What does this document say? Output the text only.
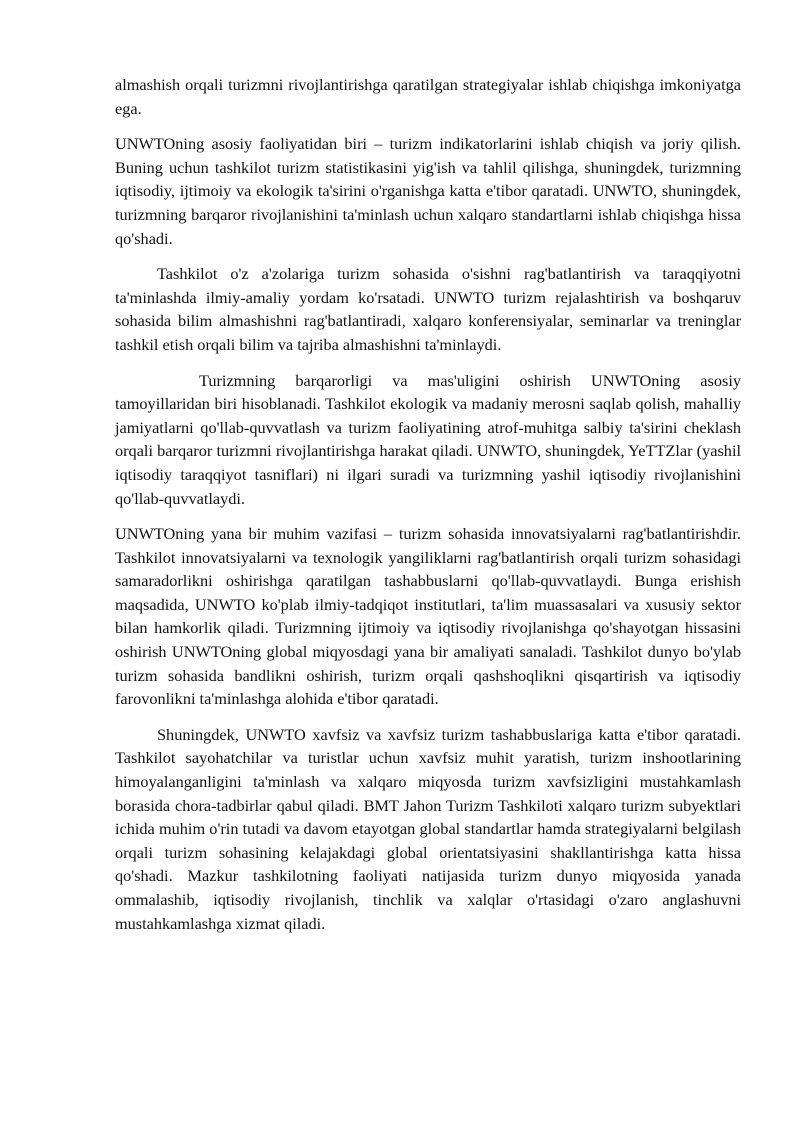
almashish orqali turizmni rivojlantirishga qaratilgan strategiyalar ishlab chiqishga imkoniyatga ega.

UNWTOning asosiy faoliyatidan biri – turizm indikatorlarini ishlab chiqish va joriy qilish. Buning uchun tashkilot turizm statistikasini yig'ish va tahlil qilishga, shuningdek, turizmning iqtisodiy, ijtimoiy va ekologik ta'sirini o'rganishga katta e'tibor qaratadi. UNWTO, shuningdek, turizmning barqaror rivojlanishini ta'minlash uchun xalqaro standartlarni ishlab chiqishga hissa qo'shadi.

Tashkilot o'z a'zolariga turizm sohasida o'sishni rag'batlantirish va taraqqiyotni ta'minlashda ilmiy-amaliy yordam ko'rsatadi. UNWTO turizm rejalashtirish va boshqaruv sohasida bilim almashishni rag'batlantiradi, xalqaro konferensiyalar, seminarlar va treninglar tashkil etish orqali bilim va tajriba almashishni ta'minlaydi.

Turizmning barqarorligi va mas'uligini oshirish UNWTOning asosiy tamoyillaridan biri hisoblanadi. Tashkilot ekologik va madaniy merosni saqlab qolish, mahalliy jamiyatlarni qo'llab-quvvatlash va turizm faoliyatining atrof-muhitga salbiy ta'sirini cheklash orqali barqaror turizmni rivojlantirishga harakat qiladi. UNWTO, shuningdek, YeTTZlar (yashil iqtisodiy taraqqiyot tasniflari) ni ilgari suradi va turizmning yashil iqtisodiy rivojlanishini qo'llab-quvvatlaydi.

UNWTOning yana bir muhim vazifasi – turizm sohasida innovatsiyalarni rag'batlantirishdir. Tashkilot innovatsiyalarni va texnologik yangiliklarni rag'batlantirish orqali turizm sohasidagi samaradorlikni oshirishga qaratilgan tashabbuslarni qo'llab-quvvatlaydi. Bunga erishish maqsadida, UNWTO ko'plab ilmiy-tadqiqot institutlari, ta'lim muassasalari va xususiy sektor bilan hamkorlik qiladi. Turizmning ijtimoiy va iqtisodiy rivojlanishga qo'shayotgan hissasini oshirish UNWTOning global miqyosdagi yana bir amaliyati sanaladi. Tashkilot dunyo bo'ylab turizm sohasida bandlikni oshirish, turizm orqali qashshoqlikni qisqartirish va iqtisodiy farovonlikni ta'minlashga alohida e'tibor qaratadi.

Shuningdek, UNWTO xavfsiz va xavfsiz turizm tashabbuslariga katta e'tibor qaratadi. Tashkilot sayohatchilar va turistlar uchun xavfsiz muhit yaratish, turizm inshootlarining himoyalanganligini ta'minlash va xalqaro miqyosda turizm xavfsizligini mustahkamlash borasida chora-tadbirlar qabul qiladi. BMT Jahon Turizm Tashkiloti xalqaro turizm subyektlari ichida muhim o'rin tutadi va davom etayotgan global standartlar hamda strategiyalarni belgilash orqali turizm sohasining kelajakdagi global orientatsiyasini shakllantirishga katta hissa qo'shadi. Mazkur tashkilotning faoliyati natijasida turizm dunyo miqyosida yanada ommalashib, iqtisodiy rivojlanish, tinchlik va xalqlar o'rtasidagi o'zaro anglashuvni mustahkamlashga xizmat qiladi.
